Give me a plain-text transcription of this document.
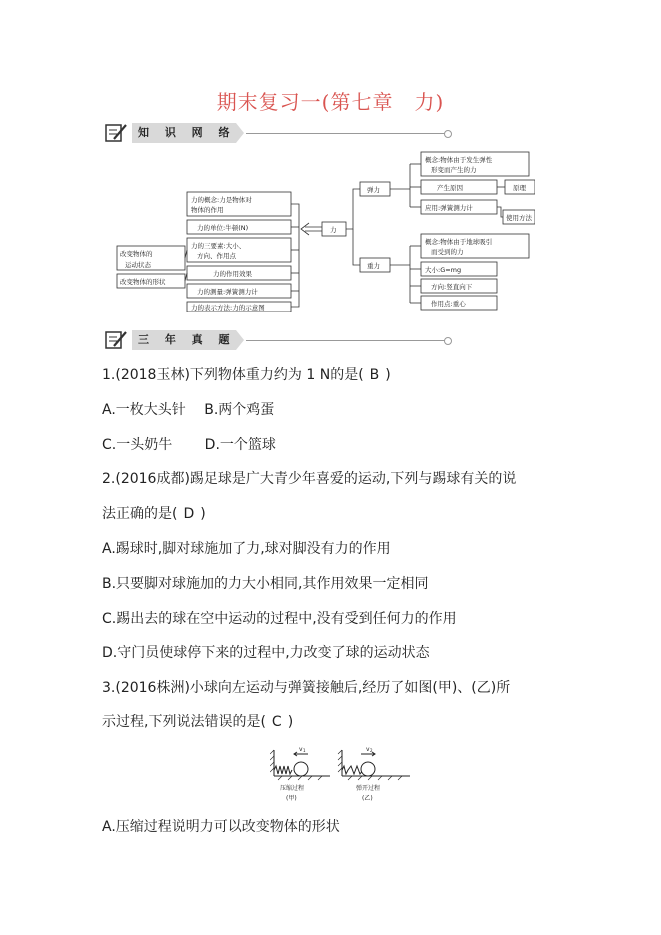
期末复习一(第七章　力)
知 识 网 络
改变物体的
运动状态
改变物体的形状
力的概念:力是物体对
物体的作用
力的单位:牛顿(N)
力的三要素:大小、
方向、作用点
力的作用效果
力的测量:弹簧测力计
力的表示方法:力的示意图
力
弹力
重力
概念:物体由于发生弹性
形变而产生的力
产生原因
应用:弹簧测力计
原理
使用方法
概念:物体由于地球吸引
而受到的力
大小:G=mg
方向:竖直向下
作用点:重心
三 年 真 题
1.(2018玉林)下列物体重力约为 1 N的是( B )
A.一枚大头针　 B.两个鸡蛋
C.一头奶牛　　 D.一个篮球
2.(2016成都)踢足球是广大青少年喜爱的运动,下列与踢球有关的说
法正确的是( D )
A.踢球时,脚对球施加了力,球对脚没有力的作用
B.只要脚对球施加的力大小相同,其作用效果一定相同
C.踢出去的球在空中运动的过程中,没有受到任何力的作用
D.守门员使球停下来的过程中,力改变了球的运动状态
3.(2016株洲)小球向左运动与弹簧接触后,经历了如图(甲)、(乙)所
示过程,下列说法错误的是( C )
v 1	v 2
压缩过程
(甲)
弹开过程
(乙)
A.压缩过程说明力可以改变物体的形状
